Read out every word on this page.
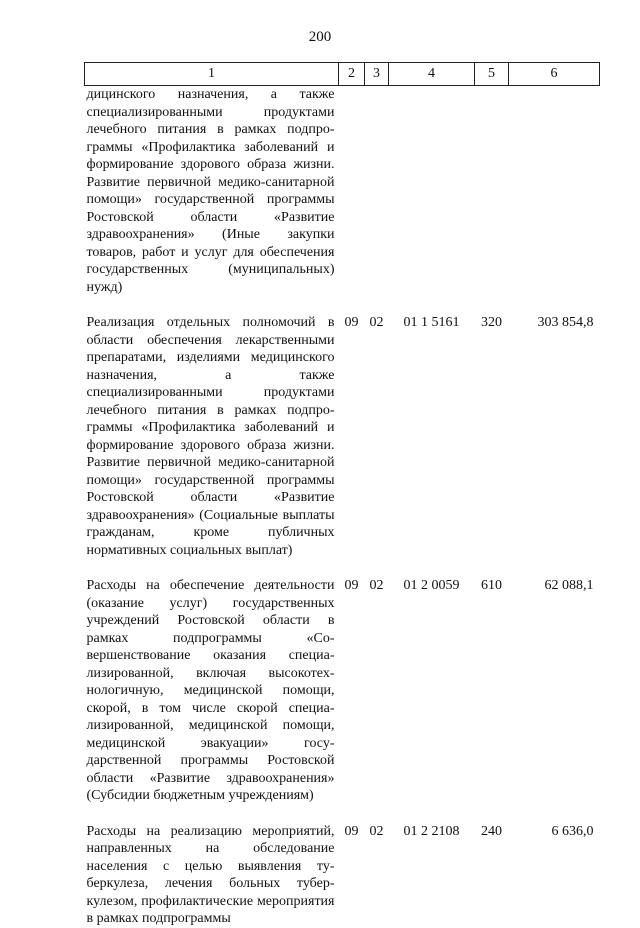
200
1	2	3	4	5	6
дицинского назначения, а также специализированными продуктами лечебного питания в рамках подпрограммы «Профилактика заболеваний и формирование здорового образа жизни. Развитие первичной медико-санитарной помощи» государственной программы Ростовской области «Развитие здравоохранения» (Иные закупки товаров, работ и услуг для обеспечения государственных (муниципальных) нужд)					
Реализация отдельных полномочий в области обеспечения лекарственными препаратами, изделиями медицинского назначения, а также специализированными продуктами лечебного питания в рамках подпрограммы «Профилактика заболеваний и формирование здорового образа жизни. Развитие первичной медико-санитарной помощи» государственной программы Ростовской области «Развитие здравоохранения» (Социальные выплаты гражданам, кроме публичных нормативных социальных выплат)	09	02	01 1 5161	320	303 854,8
Расходы на обеспечение деятельности (оказание услуг) государственных учреждений Ростовской области в рамках подпрограммы «Совершенствование оказания специализированной, включая высокотехнологичную, медицинской помощи, скорой, в том числе скорой специализированной, медицинской помощи, медицинской эвакуации» государственной программы Ростовской области «Развитие здравоохранения» (Субсидии бюджетным учреждениям)	09	02	01 2 0059	610	62 088,1
Расходы на реализацию мероприятий, направленных на обследование населения с целью выявления туберкулеза, лечения больных туберкулезом, профилактические мероприятия в рамках подпрограммы	09	02	01 2 2108	240	6 636,0
